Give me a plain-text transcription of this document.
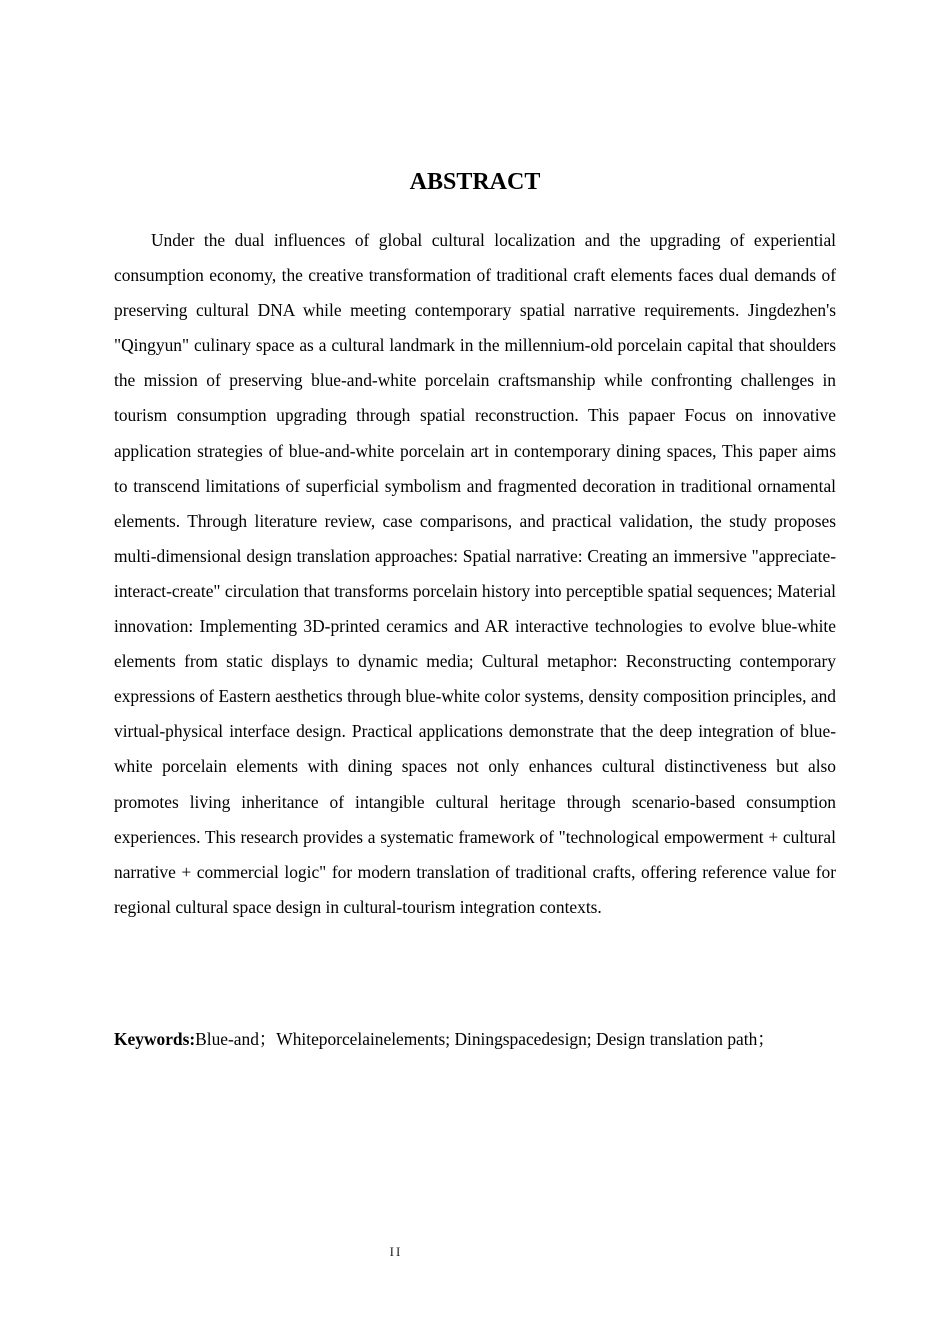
ABSTRACT

Under the dual influences of global cultural localization and the upgrading of experiential consumption economy, the creative transformation of traditional craft elements faces dual demands of preserving cultural DNA while meeting contemporary spatial narrative requirements. Jingdezhen's "Qingyun" culinary space as a cultural landmark in the millennium-old porcelain capital that shoulders the mission of preserving blue-and-white porcelain craftsmanship while confronting challenges in tourism consumption upgrading through spatial reconstruction. This papaer Focus on innovative application strategies of blue-and-white porcelain art in contemporary dining spaces, This paper aims to transcend limitations of superficial symbolism and fragmented decoration in traditional ornamental elements. Through literature review, case comparisons, and practical validation, the study proposes multi-dimensional design translation approaches: Spatial narrative: Creating an immersive "appreciate-interact-create" circulation that transforms porcelain history into perceptible spatial sequences; Material innovation: Implementing 3D-printed ceramics and AR interactive technologies to evolve blue-white elements from static displays to dynamic media; Cultural metaphor: Reconstructing contemporary expressions of Eastern aesthetics through blue-white color systems, density composition principles, and virtual-physical interface design. Practical applications demonstrate that the deep integration of blue-white porcelain elements with dining spaces not only enhances cultural distinctiveness but also promotes living inheritance of intangible cultural heritage through scenario-based consumption experiences. This research provides a systematic framework of "technological empowerment + cultural narrative + commercial logic" for modern translation of traditional crafts, offering reference value for regional cultural space design in cultural-tourism integration contexts.

Keywords:Blue-and；Whiteporcelainelements; Diningspacedesign; Design translation path；

II
